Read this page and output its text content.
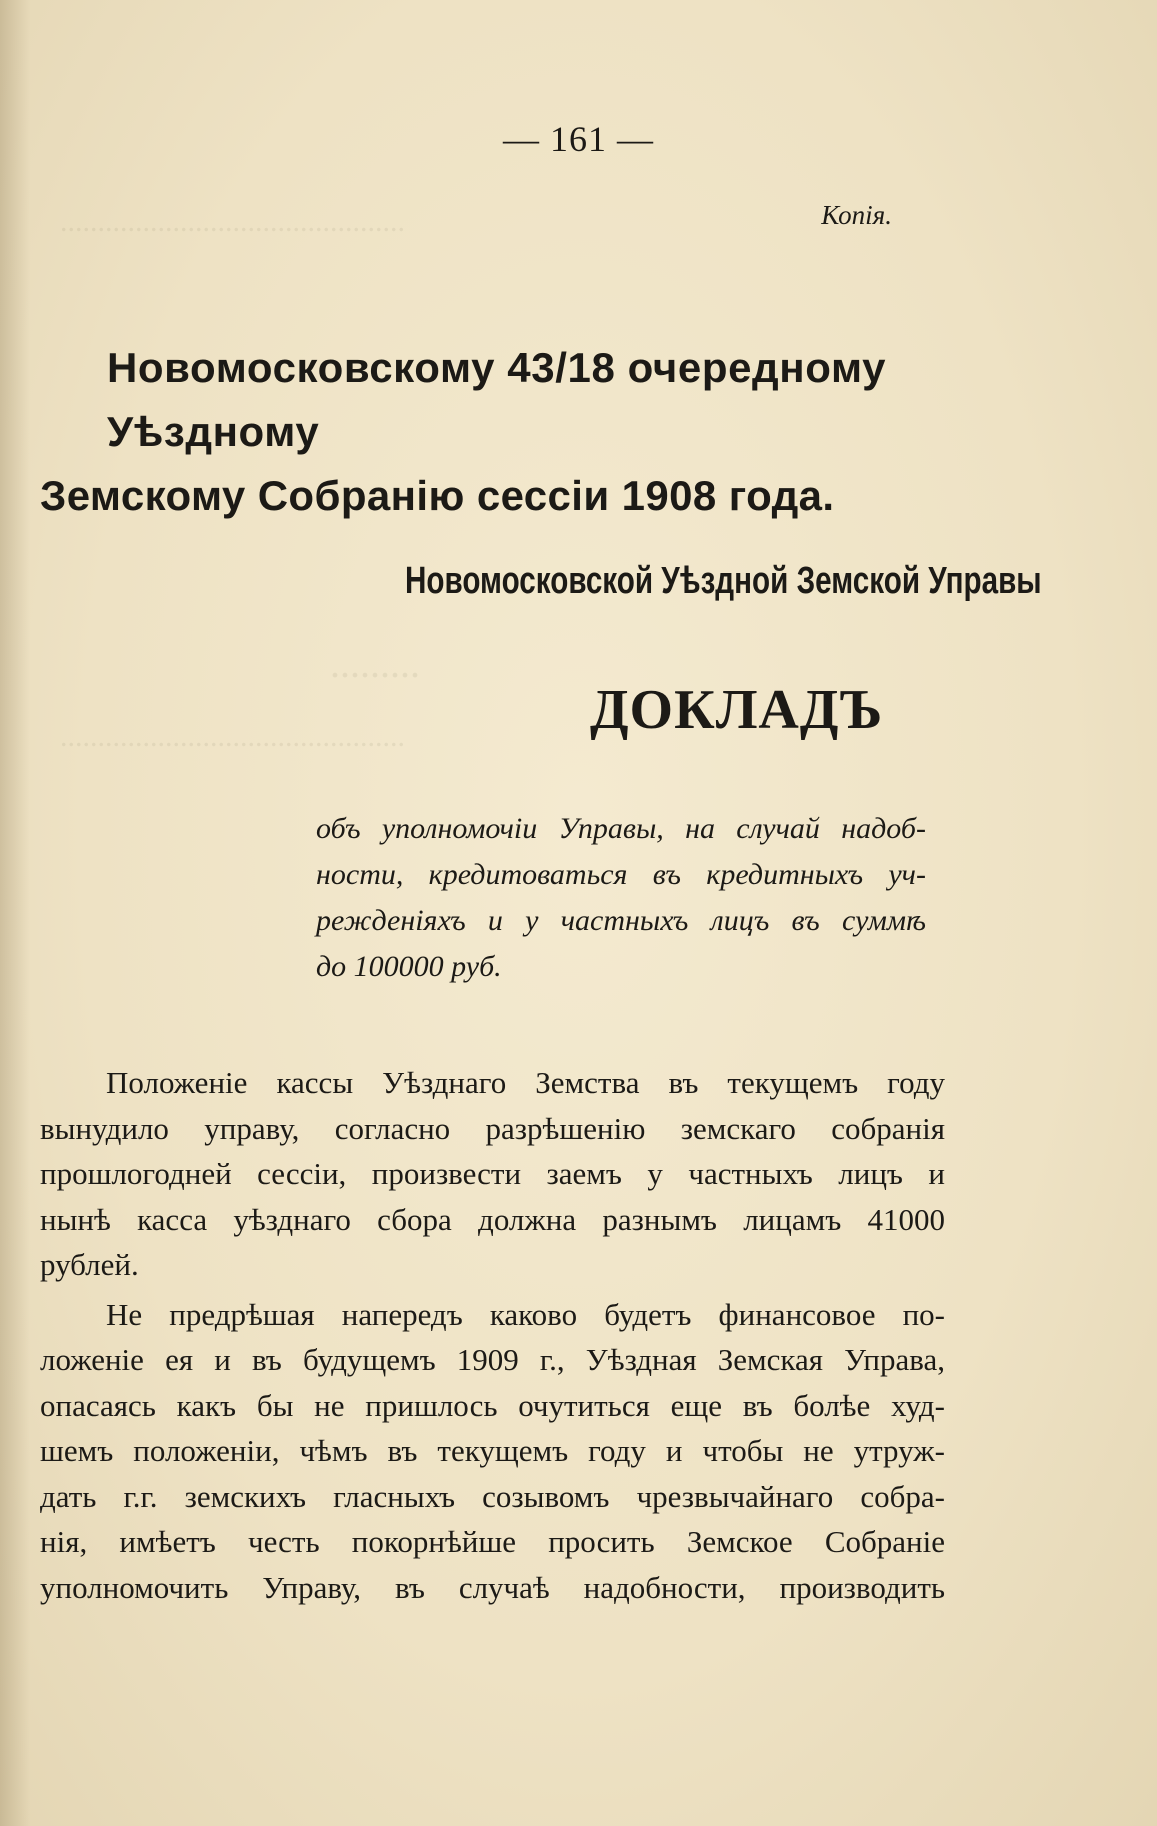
..............................................
.........
..............................................
— 161 —
Копія.
Новомосковскому 43/18 очередному Уѣздному
Земскому Собранію сессіи 1908 года.
Новомосковской Уѣздной Земской Управы
ДОКЛАДЪ
объ уполномочіи Управы, на случай надоб-
ности, кредитоваться въ кредитныхъ уч-
режденіяхъ и у частныхъ лицъ въ суммѣ
до 100000 руб.

Положеніе кассы Уѣзднаго Земства въ текущемъ году
вынудило управу, согласно разрѣшенію земскаго собранія
прошлогодней сессіи, произвести заемъ у частныхъ лицъ и
нынѣ касса уѣзднаго сбора должна разнымъ лицамъ 41000
рублей.

Не предрѣшая напередъ каково будетъ финансовое по-
ложеніе ея и въ будущемъ 1909 г., Уѣздная Земская Управа,
опасаясь какъ бы не пришлось очутиться еще въ болѣе худ-
шемъ положеніи, чѣмъ въ текущемъ году и чтобы не утруж-
дать г.г. земскихъ гласныхъ созывомъ чрезвычайнаго собра-
нія, имѣетъ честь покорнѣйше просить Земское Собраніе
уполномочить Управу, въ случаѣ надобности, производить
